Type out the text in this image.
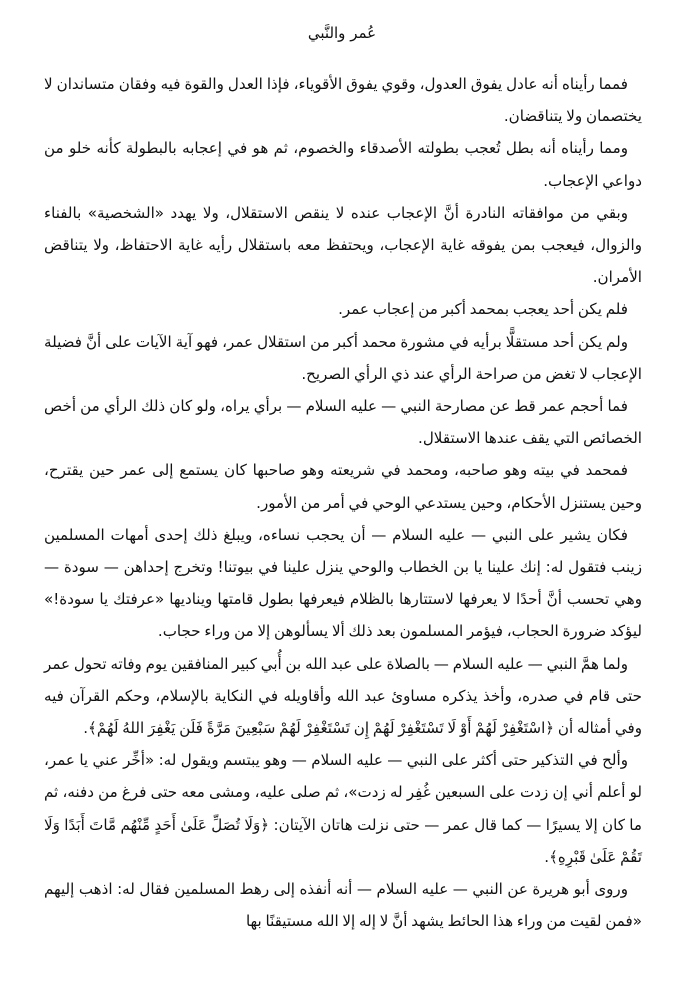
عُمر والنَّبي

فمما رأيناه أنه عادل يفوق العدول، وقوي يفوق الأقوياء، فإذا العدل والقوة فيه وفقان متساندان لا يختصمان ولا يتناقضان.

ومما رأيناه أنه بطل تُعجب بطولته الأصدقاء والخصوم، ثم هو في إعجابه بالبطولة كأنه خلو من دواعي الإعجاب.

وبقي من موافقاته النادرة أنَّ الإعجاب عنده لا ينقص الاستقلال، ولا يهدد «الشخصية» بالفناء والزوال، فيعجب بمن يفوقه غاية الإعجاب، ويحتفظ معه باستقلال رأيه غاية الاحتفاظ، ولا يتناقض الأمران.

فلم يكن أحد يعجب بمحمد أكبر من إعجاب عمر.

ولم يكن أحد مستقلًّا برأيه في مشورة محمد أكبر من استقلال عمر، فهو آية الآيات على أنَّ فضيلة الإعجاب لا تغض من صراحة الرأي عند ذي الرأي الصريح.

فما أحجم عمر قط عن مصارحة النبي — عليه السلام — برأي يراه، ولو كان ذلك الرأي من أخص الخصائص التي يقف عندها الاستقلال.

فمحمد في بيته وهو صاحبه، ومحمد في شريعته وهو صاحبها كان يستمع إلى عمر حين يقترح، وحين يستنزل الأحكام، وحين يستدعي الوحي في أمر من الأمور.

فكان يشير على النبي — عليه السلام — أن يحجب نساءه، ويبلغ ذلك إحدى أمهات المسلمين زينب فتقول له: إنك علينا يا بن الخطاب والوحي ينزل علينا في بيوتنا! وتخرج إحداهن — سودة — وهي تحسب أنَّ أحدًا لا يعرفها لاستتارها بالظلام فيعرفها بطول قامتها ويناديها «عرفتك يا سودة!» ليؤكد ضرورة الحجاب، فيؤمر المسلمون بعد ذلك ألا يسألوهن إلا من وراء حجاب.

ولما همَّ النبي — عليه السلام — بالصلاة على عبد الله بن أُبي كبير المنافقين يوم وفاته تحول عمر حتى قام في صدره، وأخذ يذكره مساوئ عبد الله وأقاويله في النكاية بالإسلام، وحكم القرآن فيه وفي أمثاله أن ﴿اسْتَغْفِرْ لَهُمْ أَوْ لَا تَسْتَغْفِرْ لَهُمْ إِن تَسْتَغْفِرْ لَهُمْ سَبْعِينَ مَرَّةً فَلَن يَغْفِرَ اللهُ لَهُمْ﴾.

وألح في التذكير حتى أكثر على النبي — عليه السلام — وهو يبتسم ويقول له: «أخِّر عني يا عمر، لو أعلم أني إن زدت على السبعين غُفِر له زدت»، ثم صلى عليه، ومشى معه حتى فرغ من دفنه، ثم ما كان إلا يسيرًا — كما قال عمر — حتى نزلت هاتان الآيتان: ﴿وَلَا تُصَلِّ عَلَىٰ أَحَدٍ مِّنْهُم مَّاتَ أَبَدًا وَلَا تَقُمْ عَلَىٰ قَبْرِهِ﴾.

وروى أبو هريرة عن النبي — عليه السلام — أنه أنفذه إلى رهط المسلمين فقال له: اذهب إليهم «فمن لقيت من وراء هذا الحائط يشهد أنَّ لا إله إلا الله مستيقنًا بها
